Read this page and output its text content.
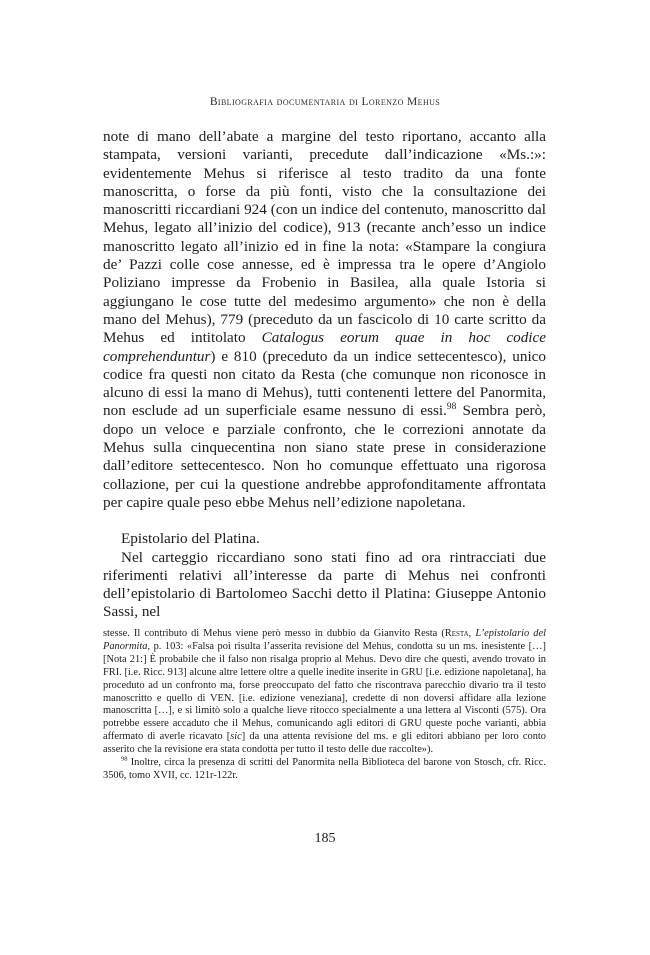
Bibliografia documentaria di Lorenzo Mehus

note di mano dell’abate a margine del testo riportano, accanto alla stampata, versioni varianti, precedute dall’indicazione «Ms.:»: evidentemente Mehus si riferisce al testo tradito da una fonte manoscritta, o forse da più fonti, visto che la consultazione dei manoscritti riccardiani 924 (con un indice del contenuto, manoscritto dal Mehus, legato all’inizio del codice), 913 (recante anch’esso un indice manoscritto legato all’inizio ed in fine la nota: «Stampare la congiura de’ Pazzi colle cose annesse, ed è impressa tra le opere d’Angiolo Poliziano impresse da Frobenio in Basilea, alla quale Istoria si aggiungano le cose tutte del medesimo argumento» che non è della mano del Mehus), 779 (preceduto da un fascicolo di 10 carte scritto da Mehus ed intitolato Catalogus eorum quae in hoc codice comprehenduntur) e 810 (preceduto da un indice settecentesco), unico codice fra questi non citato da Resta (che comunque non riconosce in alcuno di essi la mano di Mehus), tutti contenenti lettere del Panormita, non esclude ad un superficiale esame nessuno di essi.$^{98}$ Sembra però, dopo un veloce e parziale confronto, che le correzioni annotate da Mehus sulla cinquecentina non siano state prese in considerazione dall’editore settecentesco. Non ho comunque effettuato una rigorosa collazione, per cui la questione andrebbe approfonditamente affrontata per capire quale peso ebbe Mehus nell’edizione napoletana.

Epistolario del Platina.

Nel carteggio riccardiano sono stati fino ad ora rintracciati due riferimenti relativi all’interesse da parte di Mehus nei confronti dell’epistolario di Bartolomeo Sacchi detto il Platina: Giuseppe Antonio Sassi, nel

stesse. Il contributo di Mehus viene però messo in dubbio da Gianvito Resta (Resta, L’epistolario del Panormita, p. 103: «Falsa poi risulta l’asserita revisione del Mehus, condotta su un ms. inesistente […] [Nota 21:] È probabile che il falso non risalga proprio al Mehus. Devo dire che questi, avendo trovato in FRI. [i.e. Ricc. 913] alcune altre lettere oltre a quelle inedite inserite in GRU [i.e. edizione napoletana], ha proceduto ad un confronto ma, forse preoccupato del fatto che riscontrava parecchio divario tra il testo manoscritto e quello di VEN. [i.e. edizione veneziana], credette di non doversi affidare alla lezione manoscritta […], e si limitò solo a qualche lieve ritocco specialmente a una lettera al Visconti (575). Ora potrebbe essere accaduto che il Mehus, comunicando agli editori di GRU queste poche varianti, abbia affermato di averle ricavato [sic] da una attenta revisione del ms. e gli editori abbiano per loro conto asserito che la revisione era stata condotta per tutto il testo delle due raccolte»).

$^{98}$ Inoltre, circa la presenza di scritti del Panormita nella Biblioteca del barone von Stosch, cfr. Ricc. 3506, tomo XVII, cc. 121r-122r.

185
